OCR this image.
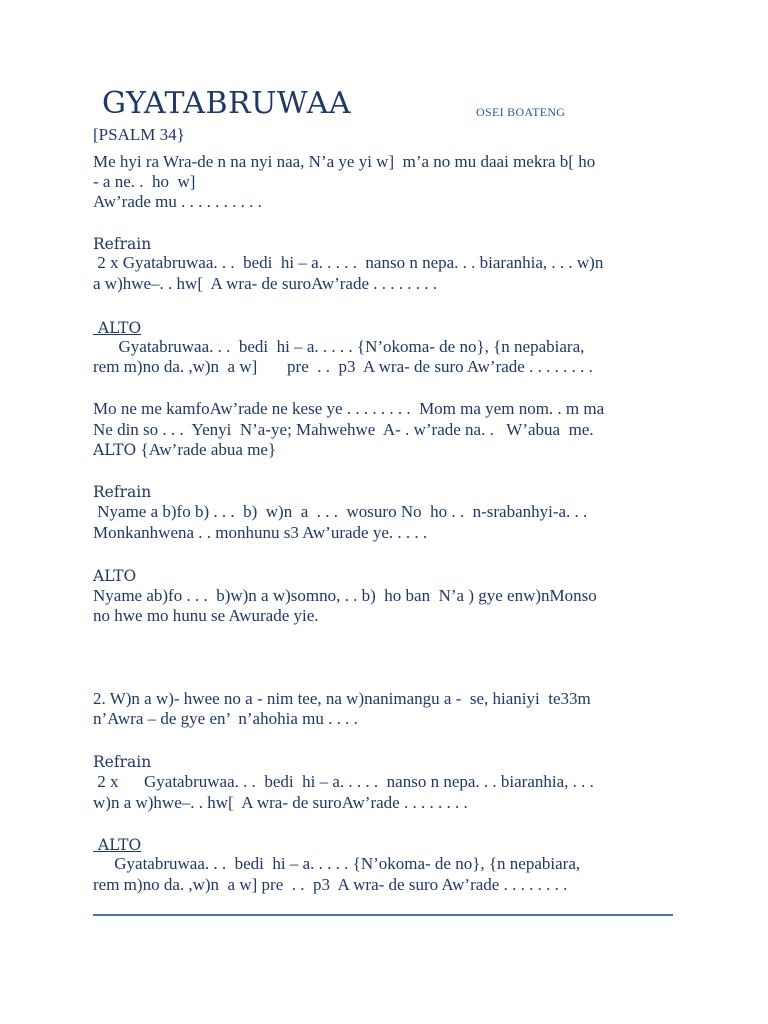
GYATABRUWAA	OSEI BOATENG
[PSALM 34}
Me hyi ra Wra-de n na nyi naa, N’a ye yi w]  m’a no mu daai mekra b[ ho
- a ne. .  ho  w]
Aw’rade mu . . . . . . . . . .
Refrain
2 x Gyatabruwaa. . .  bedi  hi – a. . . . .  nanso n nepa. . . biaranhia, . . . w)n
a w)hwe–. . hw[  A wra- de suroAw’rade . . . . . . . .
ALTO
Gyatabruwaa. . .  bedi  hi – a. . . . . {N’okoma- de no}, {n nepabiara,
rem m)no da. ,w)n  a w]       pre  . .  p3  A wra- de suro Aw’rade . . . . . . . .
Mo ne me kamfoAw’rade ne kese ye . . . . . . . .  Mom ma yem nom. . m ma
Ne din so . . .  Yenyi  N’a-ye; Mahwehwe  A- . w’rade na. .   W’abua  me.
ALTO {Aw’rade abua me}
Refrain
Nyame a b)fo b) . . .  b)  w)n  a  . . .  wosuro No  ho . .  n-srabanhyi-a. . .
Monkanhwena . . monhunu s3 Aw’urade ye. . . . .
ALTO
Nyame ab)fo . . .  b)w)n a w)somno, . . b)  ho ban  N’a ) gye enw)nMonso
no hwe mo hunu se Awurade yie.
2. W)n a w)- hwee no a - nim tee, na w)nanimangu a -  se, hianiyi  te33m
n’Awra – de gye en’  n’ahohia mu . . . .
Refrain
2 x      Gyatabruwaa. . .  bedi  hi – a. . . . .  nanso n nepa. . . biaranhia, . . .
w)n a w)hwe–. . hw[  A wra- de suroAw’rade . . . . . . . .
ALTO
Gyatabruwaa. . .  bedi  hi – a. . . . . {N’okoma- de no}, {n nepabiara,
rem m)no da. ,w)n  a w] pre  . .  p3  A wra- de suro Aw’rade . . . . . . . .
